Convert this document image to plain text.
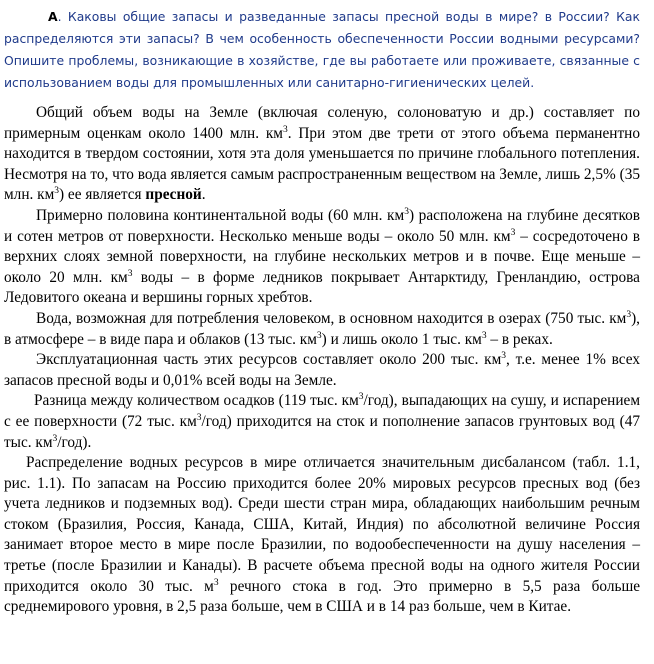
А. Каковы общие запасы и разведанные запасы пресной воды в мире? в России? Как распределяются эти запасы? В чем особенность обеспеченности России водными ресурсами? Опишите проблемы, возникающие в хозяйстве, где вы работаете или проживаете, связанные с использованием воды для промышленных или санитарно-гигиенических целей.

Общий объем воды на Земле (включая соленую, солоноватую и др.) составляет по примерным оценкам около 1400 млн. $км^3$. При этом две трети от этого объема перманентно находится в твердом состоянии, хотя эта доля уменьшается по причине глобального потепления. Несмотря на то, что вода является самым распространенным веществом на Земле, лишь 2,5% (35 млн. $км^3$) ее является пресной.

Примерно половина континентальной воды (60 млн. $км^3$) расположена на глубине десятков и сотен метров от поверхности. Несколько меньше воды – около 50 млн. $км^3$ – сосредоточено в верхних слоях земной поверхности, на глубине нескольких метров и в почве. Еще меньше – около 20 млн. $км^3$ воды – в форме ледников покрывает Антарктиду, Гренландию, острова Ледовитого океана и вершины горных хребтов.

Вода, возможная для потребления человеком, в основном находится в озерах (750 тыс. $км^3$), в атмосфере – в виде пара и облаков (13 тыс. $км^3$) и лишь около 1 тыс. $км^3$ – в реках.

Эксплуатационная часть этих ресурсов составляет около 200 тыс. $км^3$, т.е. менее 1% всех запасов пресной воды и 0,01% всей воды на Земле.

Разница между количеством осадков (119 тыс. $км^3/год$), выпадающих на сушу, и испарением с ее поверхности (72 тыс. $км^3/год$) приходится на сток и пополнение запасов грунтовых вод (47 тыс. $км^3/год$).

Распределение водных ресурсов в мире отличается значительным дисбалансом (табл. 1.1, рис. 1.1). По запасам на Россию приходится более 20% мировых ресурсов пресных вод (без учета ледников и подземных вод). Среди шести стран мира, обладающих наибольшим речным стоком (Бразилия, Россия, Канада, США, Китай, Индия) по абсолютной величине Россия занимает второе место в мире после Бразилии, по водообеспеченности на душу населения – третье (после Бразилии и Канады). В расчете объема пресной воды на одного жителя России приходится около 30 тыс. $м^3$ речного стока в год. Это примерно в 5,5 раза больше среднемирового уровня, в 2,5 раза больше, чем в США и в 14 раз больше, чем в Китае.
